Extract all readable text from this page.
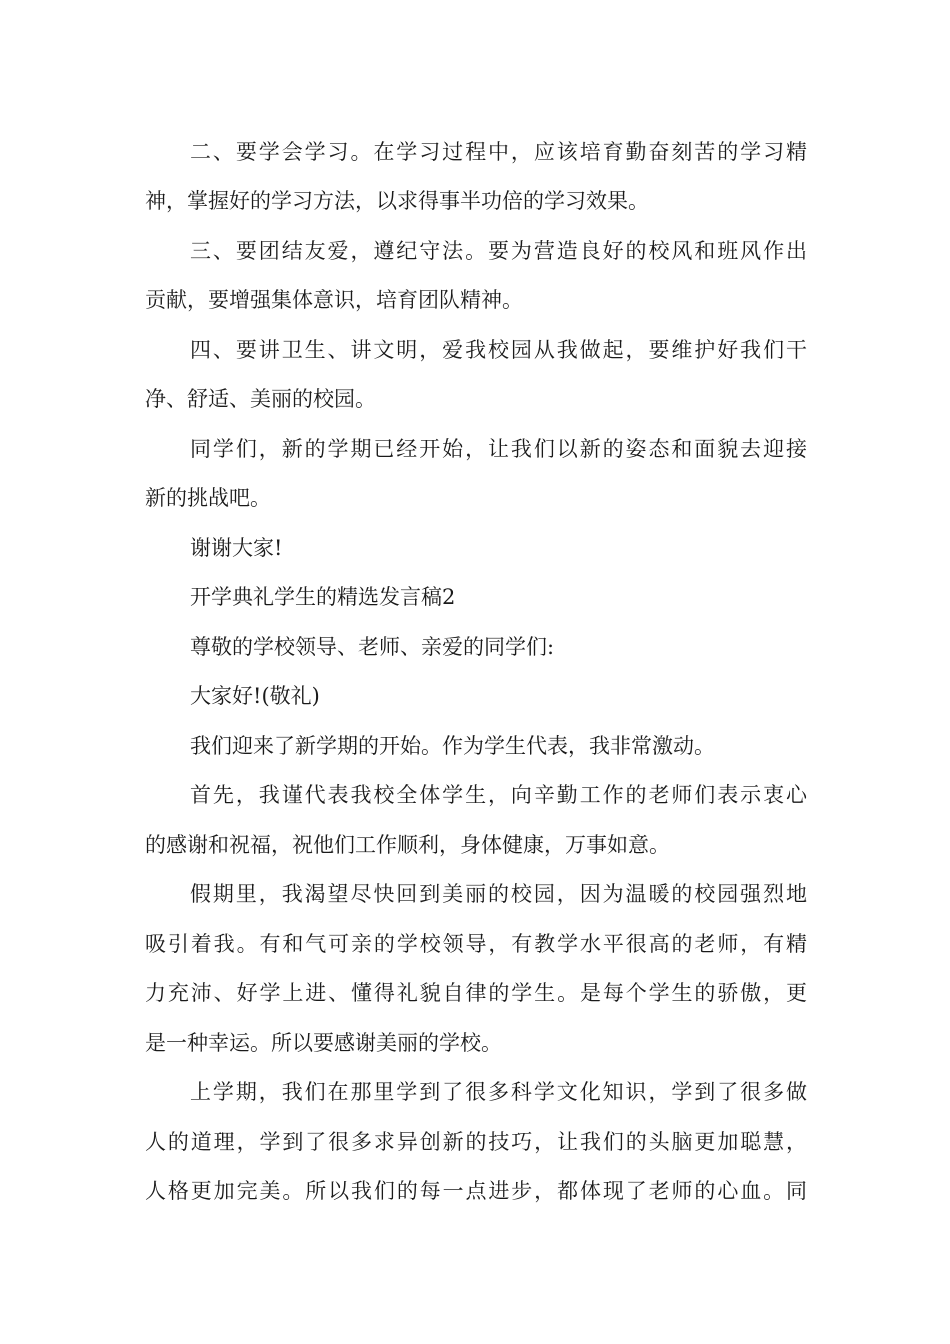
二、要学会学习。在学习过程中，应该培育勤奋刻苦的学习精
神，掌握好的学习方法，以求得事半功倍的学习效果。
三、要团结友爱，遵纪守法。要为营造良好的校风和班风作出
贡献，要增强集体意识，培育团队精神。
四、要讲卫生、讲文明，爱我校园从我做起，要维护好我们干
净、舒适、美丽的校园。
同学们，新的学期已经开始，让我们以新的姿态和面貌去迎接
新的挑战吧。
谢谢大家!
开学典礼学生的精选发言稿2
尊敬的学校领导、老师、亲爱的同学们:
大家好!(敬礼)
我们迎来了新学期的开始。作为学生代表，我非常激动。
首先，我谨代表我校全体学生，向辛勤工作的老师们表示衷心
的感谢和祝福，祝他们工作顺利，身体健康，万事如意。
假期里，我渴望尽快回到美丽的校园，因为温暖的校园强烈地
吸引着我。有和气可亲的学校领导，有教学水平很高的老师，有精
力充沛、好学上进、懂得礼貌自律的学生。是每个学生的骄傲，更
是一种幸运。所以要感谢美丽的学校。
上学期，我们在那里学到了很多科学文化知识，学到了很多做
人的道理，学到了很多求异创新的技巧，让我们的头脑更加聪慧，
人格更加完美。所以我们的每一点进步，都体现了老师的心血。同
